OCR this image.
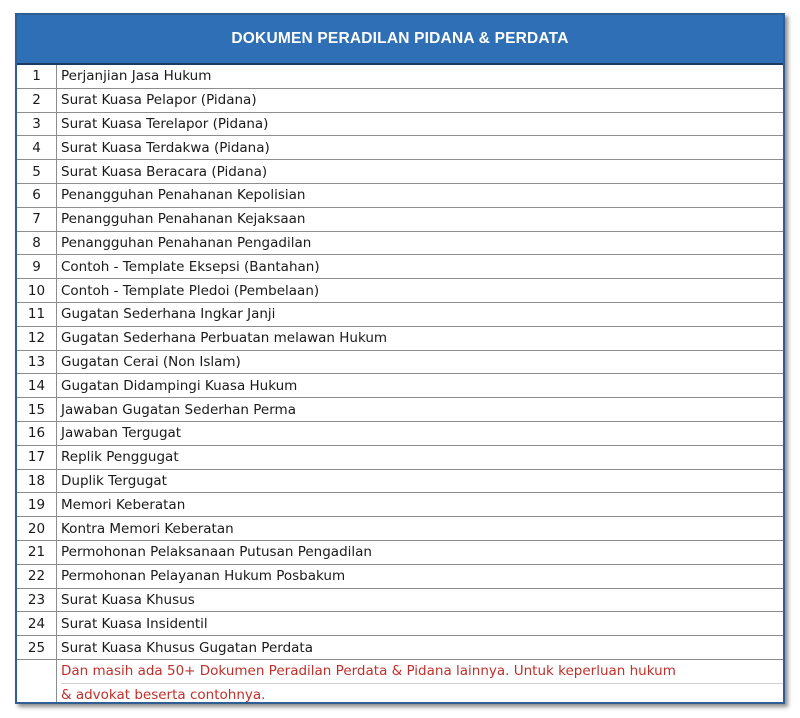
DOKUMEN PERADILAN PIDANA & PERDATA
1	Perjanjian Jasa Hukum
2	Surat Kuasa Pelapor (Pidana)
3	Surat Kuasa Terelapor (Pidana)
4	Surat Kuasa Terdakwa (Pidana)
5	Surat Kuasa Beracara (Pidana)
6	Penangguhan Penahanan Kepolisian
7	Penangguhan Penahanan Kejaksaan
8	Penangguhan Penahanan Pengadilan
9	Contoh - Template Eksepsi (Bantahan)
10	Contoh - Template Pledoi (Pembelaan)
11	Gugatan Sederhana Ingkar Janji
12	Gugatan Sederhana Perbuatan melawan Hukum
13	Gugatan Cerai (Non Islam)
14	Gugatan Didampingi Kuasa Hukum
15	Jawaban Gugatan Sederhan Perma
16	Jawaban Tergugat
17	Replik Penggugat
18	Duplik Tergugat
19	Memori Keberatan
20	Kontra Memori Keberatan
21	Permohonan Pelaksanaan Putusan Pengadilan
22	Permohonan Pelayanan Hukum Posbakum
23	Surat Kuasa Khusus
24	Surat Kuasa Insidentil
25	Surat Kuasa Khusus Gugatan Perdata
Dan masih ada 50+ Dokumen Peradilan Perdata & Pidana lainnya. Untuk keperluan hukum
& advokat beserta contohnya.
